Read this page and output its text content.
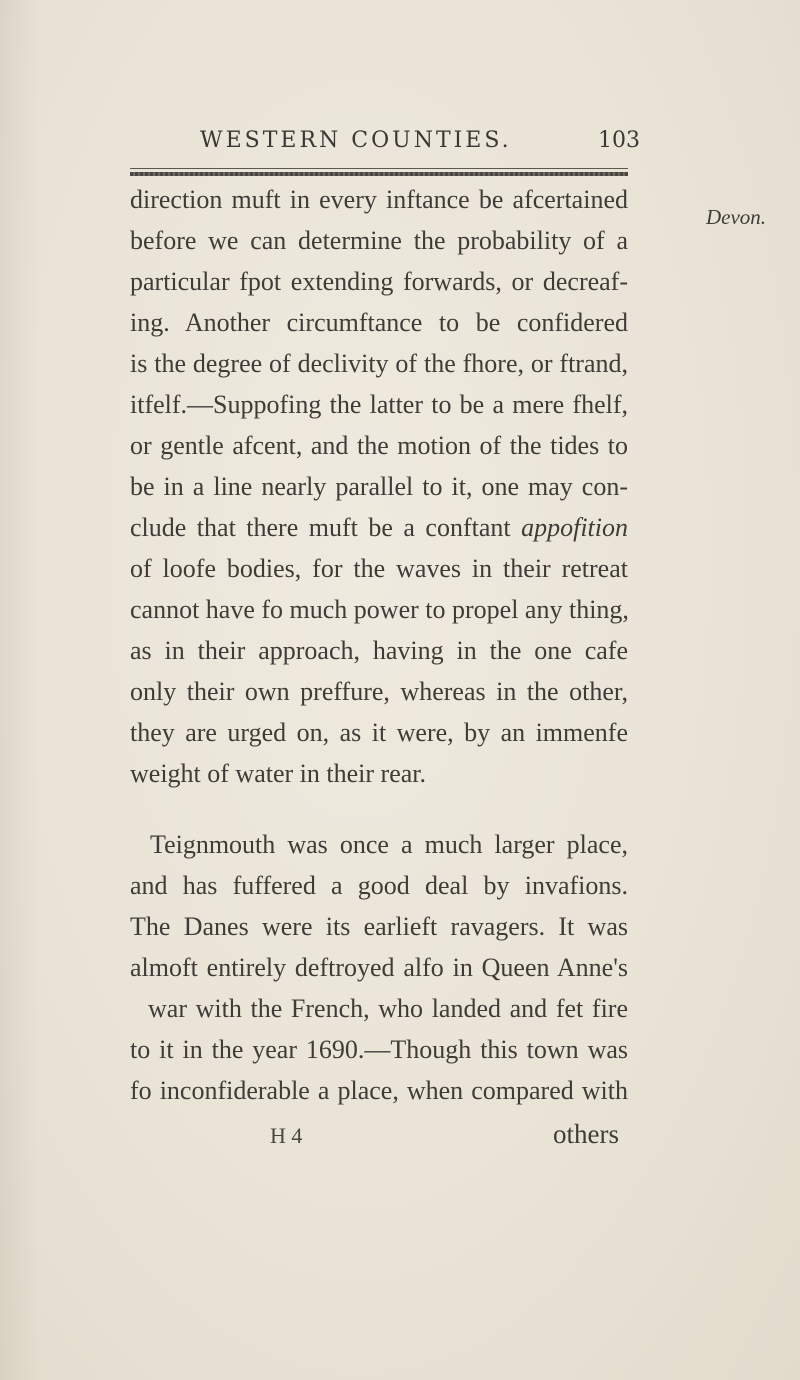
WESTERN COUNTIES.	103
Devon.
direction muft in every inftance be afcertained
before we can determine the probability of a
particular fpot extending forwards, or decreaf-
ing. Another circumftance to be confidered
is the degree of declivity of the fhore, or ftrand,
itfelf.—Suppofing the latter to be a mere fhelf,
or gentle afcent, and the motion of the tides to
be in a line nearly parallel to it, one may con-
clude that there muft be a conftant appofition
of loofe bodies, for the waves in their retreat
cannot have fo much power to propel any thing,
as in their approach, having in the one cafe
only their own preffure, whereas in the other,
they are urged on, as it were, by an immenfe
weight of water in their rear.
Teignmouth was once a much larger place,
and has fuffered a good deal by invafions.
The Danes were its earlieft ravagers. It was
almoft entirely deftroyed alfo in Queen Anne's
war with the French, who landed and fet fire
to it in the year 1690.—Though this town was
fo inconfiderable a place, when compared with
H 4	others
